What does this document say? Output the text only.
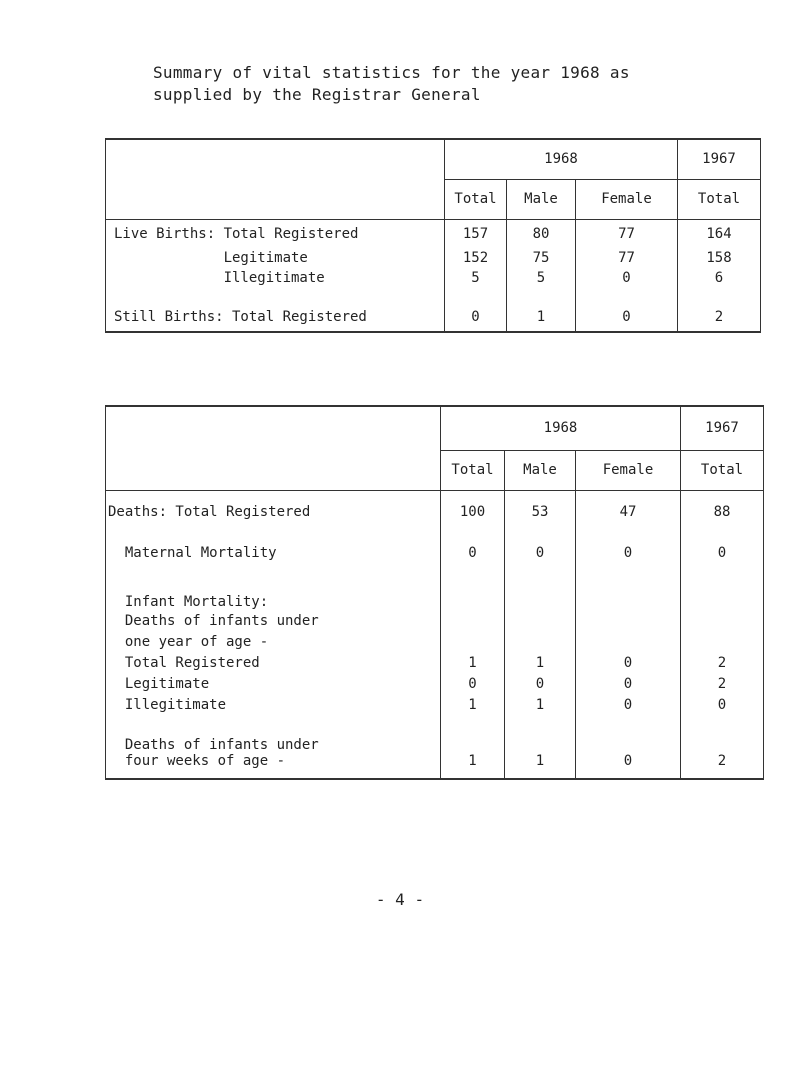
Summary of vital statistics for the year 1968 as
supplied by the Registrar General
	1968			1967
	Total	Male	Female	Total
Live Births: Total Registered	157	80	77	164
Legitimate	152	75	77	158
Illegitimate	5	5	0	6
Still Births: Total Registered	0	1	0	2
	1968			1967
	Total	Male	Female	Total
Deaths: Total Registered	100	53	47	88
Maternal Mortality	0	0	0	0
Infant Mortality:				
Deaths of infants under				
one year of age -				
Total Registered	1	1	0	2
Legitimate	0	0	0	2
Illegitimate	1	1	0	0
Deaths of infants under				
four weeks of age -	1	1	0	2
- 4 -
